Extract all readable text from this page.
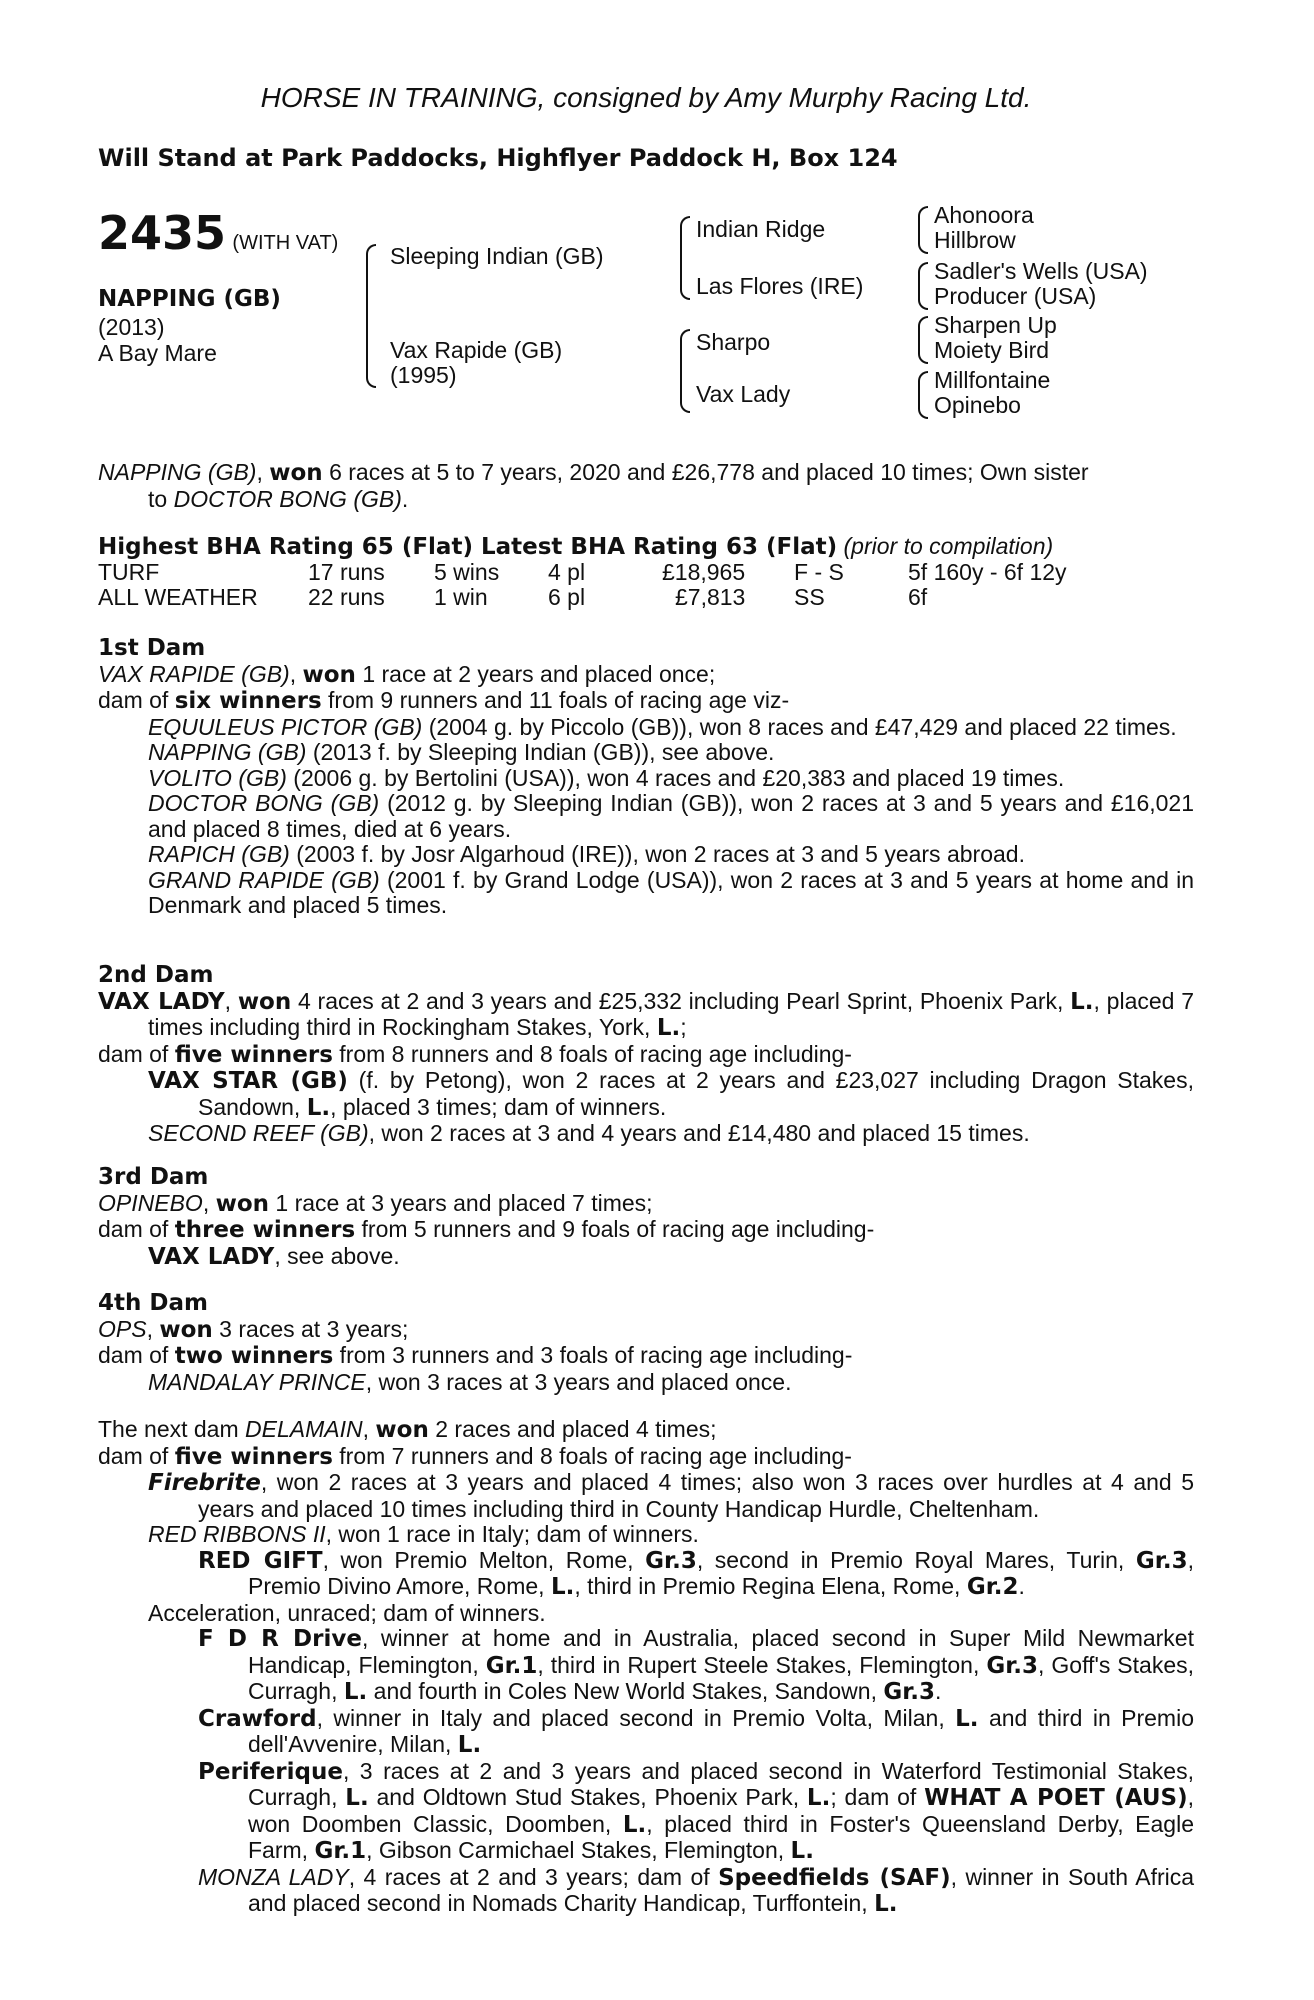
HORSE IN TRAINING, consigned by Amy Murphy Racing Ltd.
Will Stand at Park Paddocks, Highflyer Paddock H, Box 124
2435 (WITH VAT)
NAPPING (GB)
(2013)
A Bay Mare
Sleeping Indian (GB)
Vax Rapide (GB)
(1995)
Indian Ridge
Las Flores (IRE)
Sharpo
Vax Lady
Ahonoora
Hillbrow
Sadler's Wells (USA)
Producer (USA)
Sharpen Up
Moiety Bird
Millfontaine
Opinebo

NAPPING (GB), won 6 races at 5 to 7 years, 2020 and £26,778 and placed 10 times; Own sister

to DOCTOR BONG (GB).

Highest BHA Rating 65 (Flat) Latest BHA Rating 63 (Flat) (prior to compilation)
TURF	17 runs 5 wins 4 pl	£18,965 F - S	5f 160y - 6f 12y
ALL WEATHER 22 runs 1 win	6 pl	£7,813 SS	6f

1st Dam

VAX RAPIDE (GB), won 1 race at 2 years and placed once;

dam of six winners from 9 runners and 11 foals of racing age viz-

EQUULEUS PICTOR (GB) (2004 g. by Piccolo (GB)), won 8 races and £47,429 and placed 22 times.

NAPPING (GB) (2013 f. by Sleeping Indian (GB)), see above.

VOLITO (GB) (2006 g. by Bertolini (USA)), won 4 races and £20,383 and placed 19 times.

DOCTOR BONG (GB) (2012 g. by Sleeping Indian (GB)), won 2 races at 3 and 5 years and £16,021 and placed 8 times, died at 6 years.

RAPICH (GB) (2003 f. by Josr Algarhoud (IRE)), won 2 races at 3 and 5 years abroad.

GRAND RAPIDE (GB) (2001 f. by Grand Lodge (USA)), won 2 races at 3 and 5 years at home and in Denmark and placed 5 times.

2nd Dam

VAX LADY, won 4 races at 2 and 3 years and £25,332 including Pearl Sprint, Phoenix Park, L., placed 7 times including third in Rockingham Stakes, York, L.;

dam of five winners from 8 runners and 8 foals of racing age including-

VAX STAR (GB) (f. by Petong), won 2 races at 2 years and £23,027 including Dragon Stakes, Sandown, L., placed 3 times; dam of winners.

SECOND REEF (GB), won 2 races at 3 and 4 years and £14,480 and placed 15 times.

3rd Dam

OPINEBO, won 1 race at 3 years and placed 7 times;

dam of three winners from 5 runners and 9 foals of racing age including-

VAX LADY, see above.

4th Dam

OPS, won 3 races at 3 years;

dam of two winners from 3 runners and 3 foals of racing age including-

MANDALAY PRINCE, won 3 races at 3 years and placed once.

The next dam DELAMAIN, won 2 races and placed 4 times;

dam of five winners from 7 runners and 8 foals of racing age including-

Firebrite, won 2 races at 3 years and placed 4 times; also won 3 races over hurdles at 4 and 5 years and placed 10 times including third in County Handicap Hurdle, Cheltenham.

RED RIBBONS II, won 1 race in Italy; dam of winners.

RED GIFT, won Premio Melton, Rome, Gr.3, second in Premio Royal Mares, Turin, Gr.3, Premio Divino Amore, Rome, L., third in Premio Regina Elena, Rome, Gr.2.

Acceleration, unraced; dam of winners.

F D R Drive, winner at home and in Australia, placed second in Super Mild Newmarket Handicap, Flemington, Gr.1, third in Rupert Steele Stakes, Flemington, Gr.3, Goff's Stakes, Curragh, L. and fourth in Coles New World Stakes, Sandown, Gr.3.

Crawford, winner in Italy and placed second in Premio Volta, Milan, L. and third in Premio dell'Avvenire, Milan, L.

Periferique, 3 races at 2 and 3 years and placed second in Waterford Testimonial Stakes, Curragh, L. and Oldtown Stud Stakes, Phoenix Park, L.; dam of WHAT A POET (AUS), won Doomben Classic, Doomben, L., placed third in Foster's Queensland Derby, Eagle Farm, Gr.1, Gibson Carmichael Stakes, Flemington, L.

MONZA LADY, 4 races at 2 and 3 years; dam of Speedfields (SAF), winner in South Africa and placed second in Nomads Charity Handicap, Turffontein, L.
